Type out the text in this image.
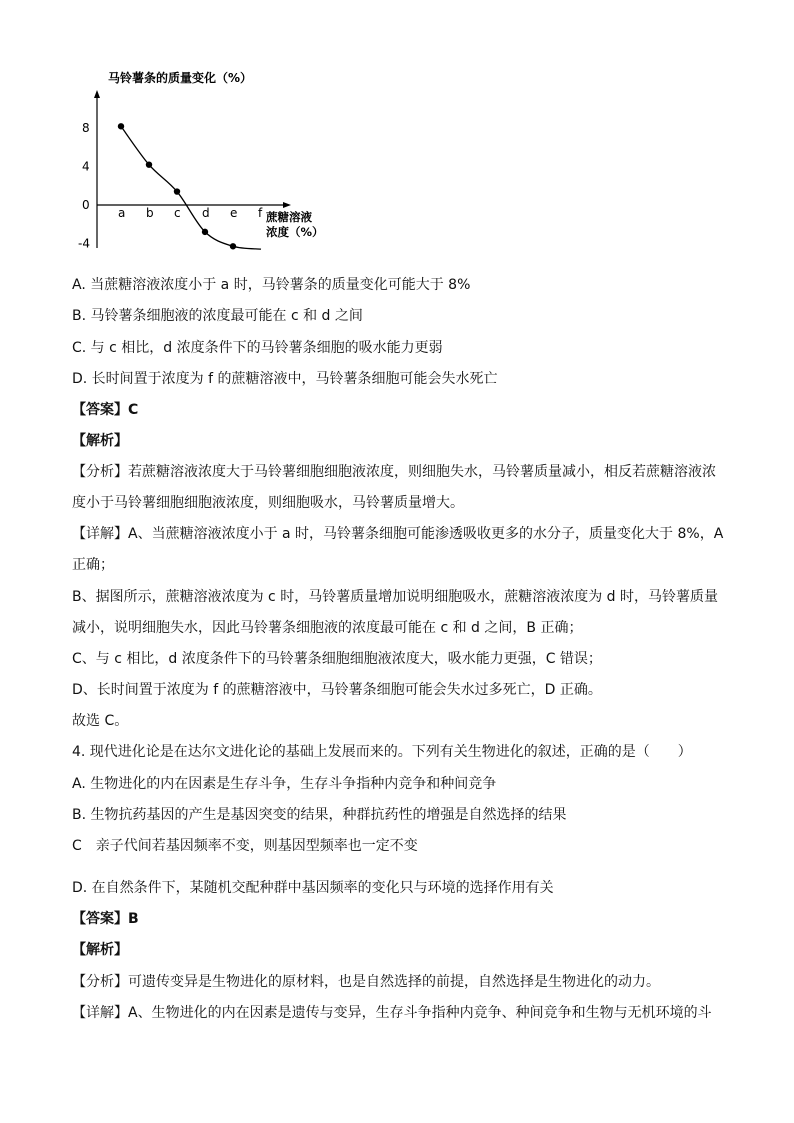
马铃薯条的质量变化（%）
8
4
0
-4
a b c d e f 蔗糖溶液
浓度（%）
A. 当蔗糖溶液浓度小于 a 时，马铃薯条的质量变化可能大于 8%
B. 马铃薯条细胞液的浓度最可能在 c 和 d 之间
C. 与 c 相比，d 浓度条件下的马铃薯条细胞的吸水能力更弱
D. 长时间置于浓度为 f 的蔗糖溶液中，马铃薯条细胞可能会失水死亡
【答案】C
【解析】
【分析】若蔗糖溶液浓度大于马铃薯细胞细胞液浓度，则细胞失水，马铃薯质量减小，相反若蔗糖溶液浓
度小于马铃薯细胞细胞液浓度，则细胞吸水，马铃薯质量增大。
【详解】A、当蔗糖溶液浓度小于 a 时，马铃薯条细胞可能渗透吸收更多的水分子，质量变化大于 8%，A
正确；
B、据图所示，蔗糖溶液浓度为 c 时，马铃薯质量增加说明细胞吸水，蔗糖溶液浓度为 d 时，马铃薯质量
减小，说明细胞失水，因此马铃薯条细胞液的浓度最可能在 c 和 d 之间，B 正确；
C、与 c 相比，d 浓度条件下的马铃薯条细胞细胞液浓度大，吸水能力更强，C 错误；
D、长时间置于浓度为 f 的蔗糖溶液中，马铃薯条细胞可能会失水过多死亡，D 正确。
故选 C。
4. 现代进化论是在达尔文进化论的基础上发展而来的。下列有关生物进化的叙述，正确的是（　　）
A. 生物进化的内在因素是生存斗争，生存斗争指种内竞争和种间竞争
B. 生物抗药基因的产生是基因突变的结果，种群抗药性的增强是自然选择的结果
C　亲子代间若基因频率不变，则基因型频率也一定不变
D. 在自然条件下，某随机交配种群中基因频率的变化只与环境的选择作用有关
【答案】B
【解析】
【分析】可遗传变异是生物进化的原材料，也是自然选择的前提，自然选择是生物进化的动力。
【详解】A、生物进化的内在因素是遗传与变异，生存斗争指种内竞争、种间竞争和生物与无机环境的斗
